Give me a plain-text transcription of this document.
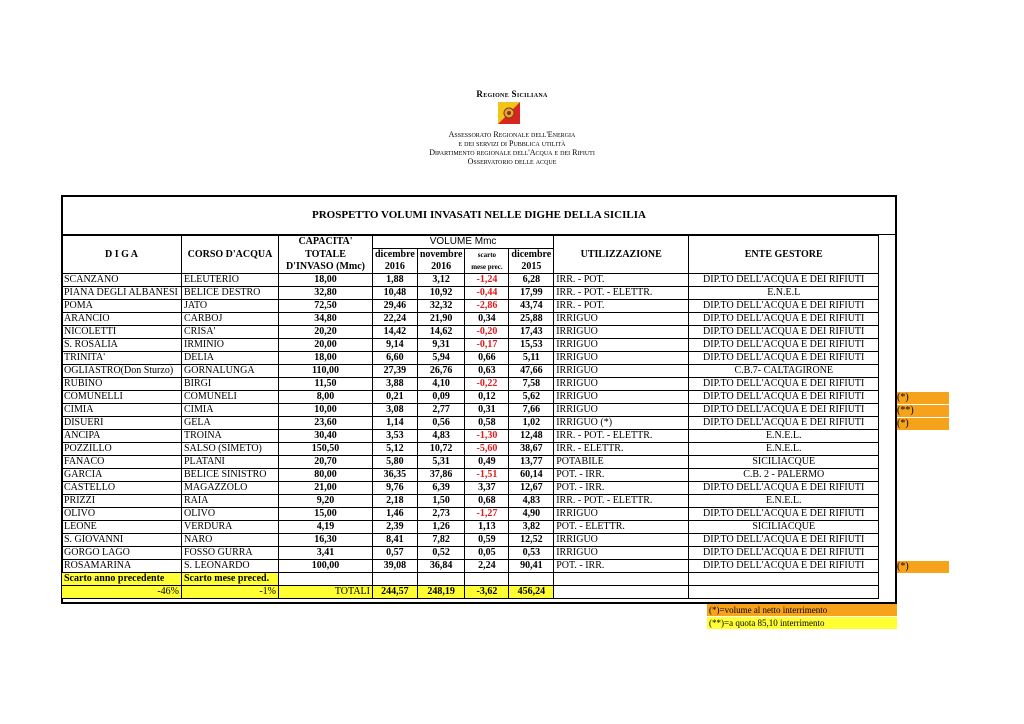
Regione Siciliana
Assessorato Regionale dell'Energia
e dei servizi di Pubblica utilità
Dipartimento regionale dell'Acqua e dei Rifiuti
Osservatorio delle acque
PROSPETTO VOLUMI INVASATI NELLE DIGHE DELLA SICILIA
		CAPACITA'	VOLUME Mmc					
D I G A	CORSO D'ACQUA	TOTALE	dicembre	novembre	scarto	dicembre	UTILIZZAZIONE	ENTE GESTORE
		D'INVASO (Mmc)	2016	2016	mese prec.	2015		
SCANZANO	ELEUTERIO	18,00	1,88	3,12	-1,24	6,28	IRR. - POT.	DIP.TO DELL'ACQUA E DEI RIFIUTI
PIANA DEGLI ALBANESI	BELICE DESTRO	32,80	10,48	10,92	-0,44	17,99	IRR. - POT. - ELETTR.	E.N.E.L
POMA	JATO	72,50	29,46	32,32	-2,86	43,74	IRR. - POT.	DIP.TO DELL'ACQUA E DEI RIFIUTI
ARANCIO	CARBOJ	34,80	22,24	21,90	0,34	25,88	IRRIGUO	DIP.TO DELL'ACQUA E DEI RIFIUTI
NICOLETTI	CRISA'	20,20	14,42	14,62	-0,20	17,43	IRRIGUO	DIP.TO DELL'ACQUA E DEI RIFIUTI
S. ROSALIA	IRMINIO	20,00	9,14	9,31	-0,17	15,53	IRRIGUO	DIP.TO DELL'ACQUA E DEI RIFIUTI
TRINITA'	DELIA	18,00	6,60	5,94	0,66	5,11	IRRIGUO	DIP.TO DELL'ACQUA E DEI RIFIUTI
OGLIASTRO(Don Sturzo)	GORNALUNGA	110,00	27,39	26,76	0,63	47,66	IRRIGUO	C.B.7- CALTAGIRONE
RUBINO	BIRGI	11,50	3,88	4,10	-0,22	7,58	IRRIGUO	DIP.TO DELL'ACQUA E DEI RIFIUTI
COMUNELLI	COMUNELI	8,00	0,21	0,09	0,12	5,62	IRRIGUO	DIP.TO DELL'ACQUA E DEI RIFIUTI
CIMIA	CIMIA	10,00	3,08	2,77	0,31	7,66	IRRIGUO	DIP.TO DELL'ACQUA E DEI RIFIUTI
DISUERI	GELA	23,60	1,14	0,56	0,58	1,02	IRRIGUO (*)	DIP.TO DELL'ACQUA E DEI RIFIUTI
ANCIPA	TROINA	30,40	3,53	4,83	-1,30	12,48	IRR. - POT. - ELETTR.	E.N.E.L.
POZZILLO	SALSO (SIMETO)	150,50	5,12	10,72	-5,60	38,67	IRR. - ELETTR.	E.N.E.L.
FANACO	PLATANI	20,70	5,80	5,31	0,49	13,77	POTABILE	SICILIACQUE
GARCIA	BELICE SINISTRO	80,00	36,35	37,86	-1,51	60,14	POT. - IRR.	C.B. 2 - PALERMO
CASTELLO	MAGAZZOLO	21,00	9,76	6,39	3,37	12,67	POT. - IRR.	DIP.TO DELL'ACQUA E DEI RIFIUTI
PRIZZI	RAIA	9,20	2,18	1,50	0,68	4,83	IRR. - POT. - ELETTR.	E.N.E.L.
OLIVO	OLIVO	15,00	1,46	2,73	-1,27	4,90	IRRIGUO	DIP.TO DELL'ACQUA E DEI RIFIUTI
LEONE	VERDURA	4,19	2,39	1,26	1,13	3,82	POT. - ELETTR.	SICILIACQUE
S. GIOVANNI	NARO	16,30	8,41	7,82	0,59	12,52	IRRIGUO	DIP.TO DELL'ACQUA E DEI RIFIUTI
GORGO LAGO	FOSSO GURRA	3,41	0,57	0,52	0,05	0,53	IRRIGUO	DIP.TO DELL'ACQUA E DEI RIFIUTI
ROSAMARINA	S. LEONARDO	100,00	39,08	36,84	2,24	90,41	POT. - IRR.	DIP.TO DELL'ACQUA E DEI RIFIUTI
Scarto anno precedente	Scarto mese preced.							
-46%	-1%	TOTALI	244,57	248,19	-3,62	456,24		
(*)
(**)
(*)
(*)
(*)=volume al netto interrimento
(**)=a quota 85,10 interrimento
